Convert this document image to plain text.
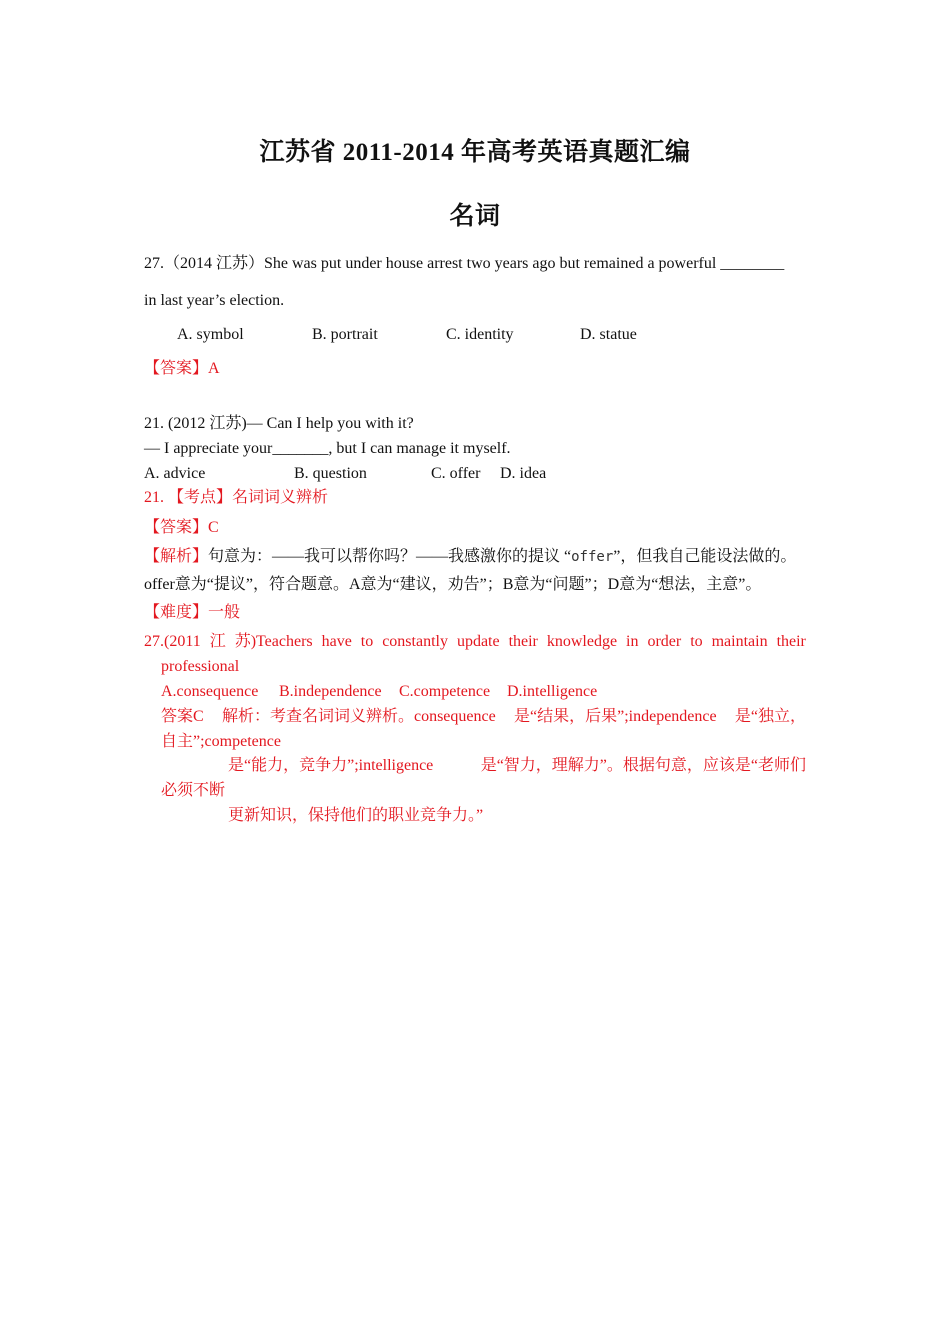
江苏省 2011-2014 年高考英语真题汇编
名词
27.（2014 江苏）She was put under house arrest two years ago but remained a powerful ________
in last year’s election.
A. symbol	B. portrait	C. identity	D. statue
【答案】A
21. (2012 江苏)— Can I help you with it?
— I appreciate your_______, but I can manage it myself.
A. advice	B. question	C. offer D. idea
21. 【考点】名词词义辨析
【答案】C
【解析】句意为：——我可以帮你吗？——我感激你的提议 “offer”，但我自己能设法做的。
offer意为“提议”，符合题意。A意为“建议，劝告”；B意为“问题”；D意为“想法，主意”。
【难度】一般
27.(2011 江 苏)Teachers have to constantly update their knowledge in order to maintain their
professional
A.consequence B.independence C.competence D.intelligence
答案C 解析：考查名词词义辨析。consequence 是“结果，后果”;independence 是“独立，
自主”;competence
是“能力，竞争力”;intelligence	是“智力，理解力”。根据句意，应该是“老师们
必须不断
更新知识，保持他们的职业竞争力。”
